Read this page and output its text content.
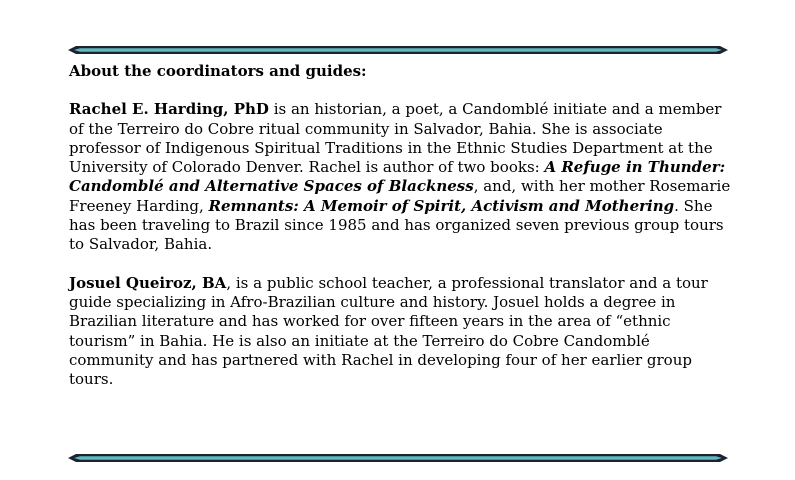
About the coordinators and guides:

Rachel E. Harding, PhD is an historian, a poet, a Candomblé initiate and a member of the Terreiro do Cobre ritual community in Salvador, Bahia. She is associate professor of Indigenous Spiritual Traditions in the Ethnic Studies Department at the University of Colorado Denver. Rachel is author of two books: A Refuge in Thunder: Candomblé and Alternative Spaces of Blackness, and, with her mother Rosemarie Freeney Harding, Remnants: A Memoir of Spirit, Activism and Mothering. She has been traveling to Brazil since 1985 and has organized seven previous group tours to Salvador, Bahia.

Josuel Queiroz, BA, is a public school teacher, a professional translator and a tour guide specializing in Afro-Brazilian culture and history. Josuel holds a degree in Brazilian literature and has worked for over fifteen years in the area of “ethnic tourism” in Bahia. He is also an initiate at the Terreiro do Cobre Candomblé community and has partnered with Rachel in developing four of her earlier group tours.
